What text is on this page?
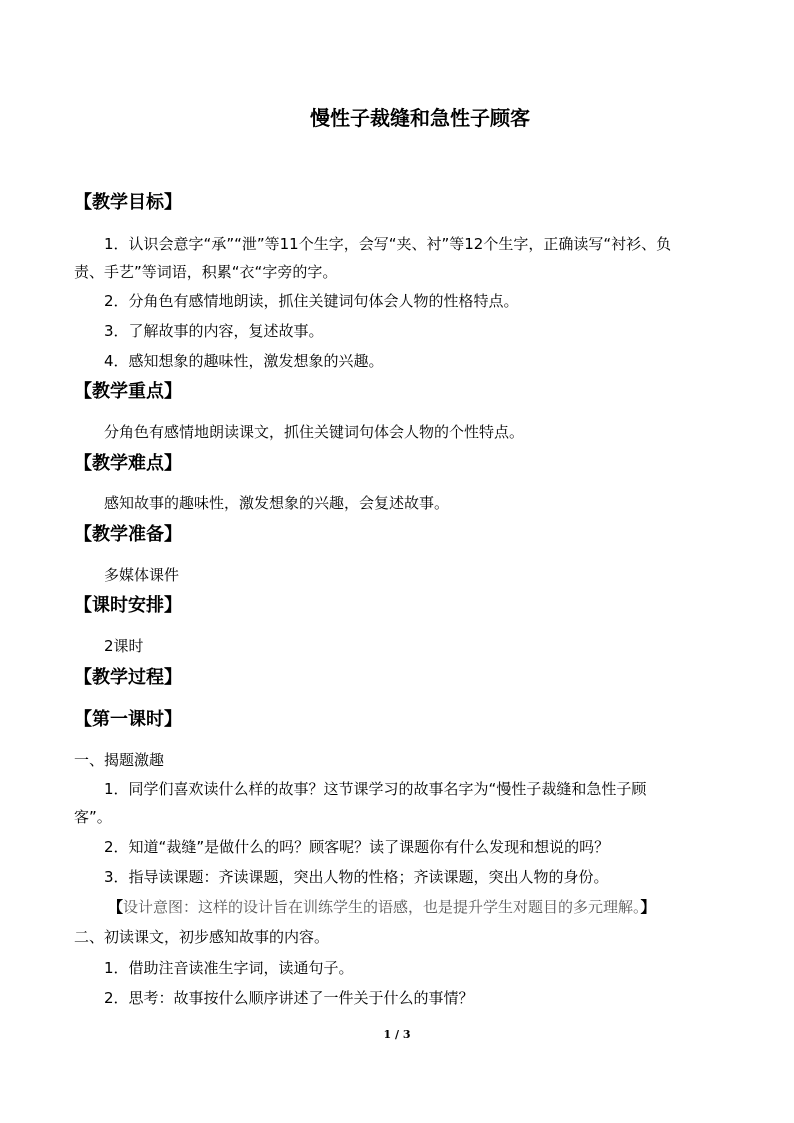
慢性子裁缝和急性子顾客
【教学目标】
1．认识会意字“承”“泄”等11个生字，会写“夹、衬”等12个生字，正确读写“衬衫、负责、手艺”等词语，积累“衣“字旁的字。
2．分角色有感情地朗读，抓住关键词句体会人物的性格特点。
3．了解故事的内容，复述故事。
4．感知想象的趣味性，激发想象的兴趣。
【教学重点】
分角色有感情地朗读课文，抓住关键词句体会人物的个性特点。
【教学难点】
感知故事的趣味性，激发想象的兴趣，会复述故事。
【教学准备】
多媒体课件
【课时安排】
2课时
【教学过程】
【第一课时】
一、揭题激趣
1．同学们喜欢读什么样的故事？这节课学习的故事名字为“慢性子裁缝和急性子顾客”。
2．知道“裁缝”是做什么的吗？顾客呢？读了课题你有什么发现和想说的吗？
3．指导读课题：齐读课题，突出人物的性格；齐读课题，突出人物的身份。
【设计意图：这样的设计旨在训练学生的语感，也是提升学生对题目的多元理解。】
二、初读课文，初步感知故事的内容。
1．借助注音读准生字词，读通句子。
2．思考：故事按什么顺序讲述了一件关于什么的事情？
1 / 3
